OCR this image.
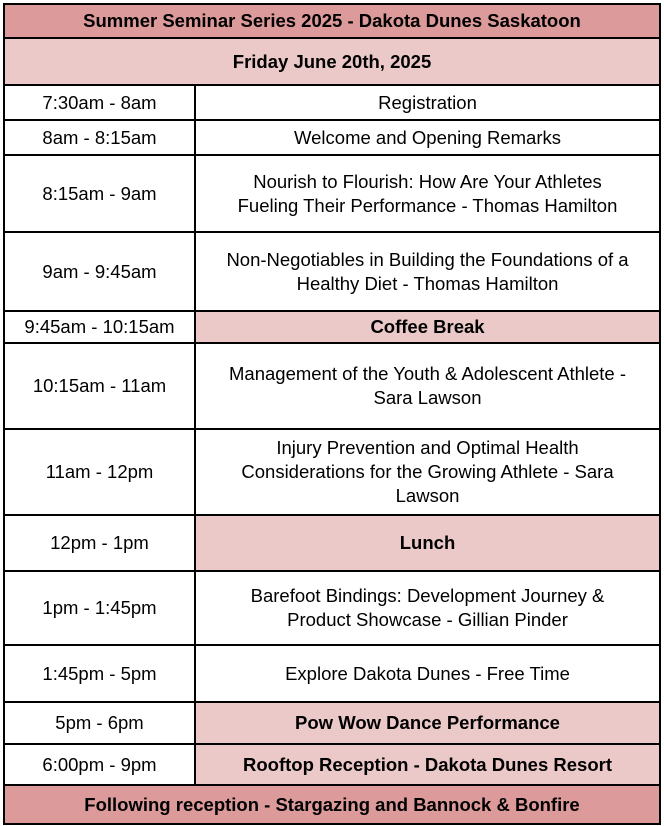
Summer Seminar Series 2025 - Dakota Dunes Saskatoon	
Friday June 20th, 2025	
7:30am - 8am	Registration
8am - 8:15am	Welcome and Opening Remarks
8:15am - 9am	Nourish to Flourish: How Are Your Athletes
Fueling Their Performance - Thomas Hamilton

9am - 9:45am	Non-Negotiables in Building the Foundations of a
Healthy Diet - Thomas Hamilton

9:45am - 10:15am	Coffee Break
10:15am - 11am	Management of the Youth & Adolescent Athlete -
Sara Lawson

11am - 12pm	Injury Prevention and Optimal Health
Considerations for the Growing Athlete - Sara
Lawson

12pm - 1pm	Lunch
1pm - 1:45pm	Barefoot Bindings: Development Journey &
Product Showcase - Gillian Pinder

1:45pm - 5pm	Explore Dakota Dunes - Free Time
5pm - 6pm	Pow Wow Dance Performance
6:00pm - 9pm	Rooftop Reception - Dakota Dunes Resort
Following reception - Stargazing and Bannock & Bonfire	
